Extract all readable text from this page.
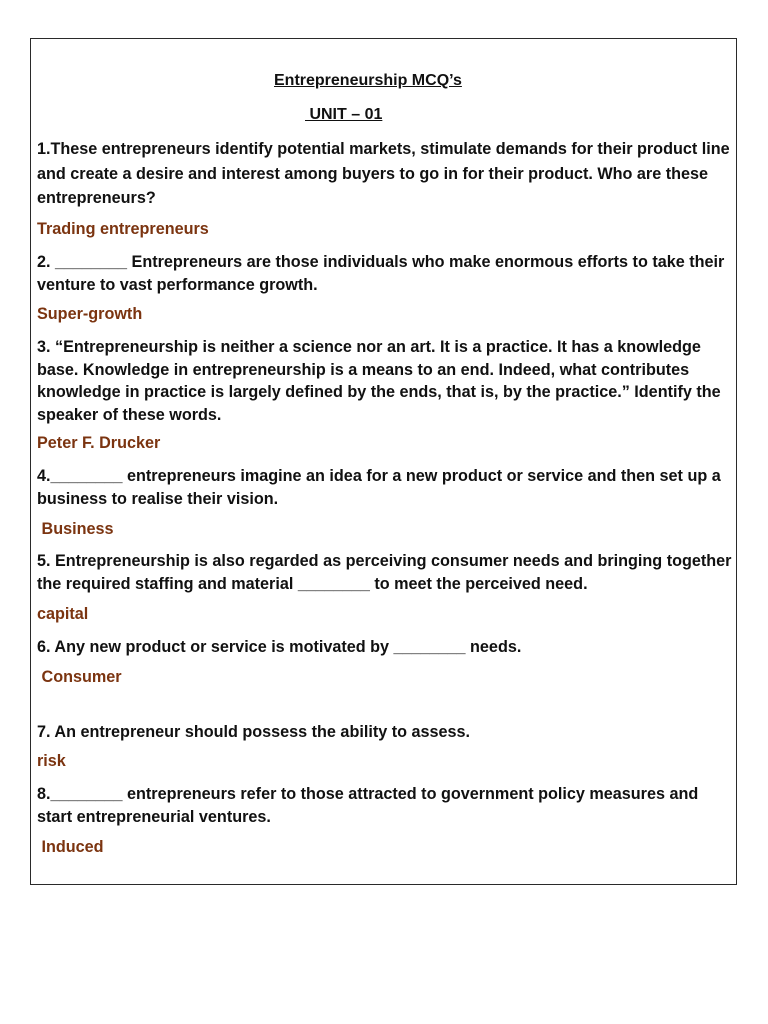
Entrepreneurship MCQ’s
UNIT – 01

1.These entrepreneurs identify potential markets, stimulate demands for their product line and create a desire and interest among buyers to go in for their product. Who are these entrepreneurs?

Trading entrepreneurs

2. ________ Entrepreneurs are those individuals who make enormous efforts to take their venture to vast performance growth.

Super-growth

3. “Entrepreneurship is neither a science nor an art. It is a practice. It has a knowledge base. Knowledge in entrepreneurship is a means to an end. Indeed, what contributes knowledge in practice is largely defined by the ends, that is, by the practice.” Identify the speaker of these words.

Peter F. Drucker

4.________ entrepreneurs imagine an idea for a new product or service and then set up a business to realise their vision.

Business

5. Entrepreneurship is also regarded as perceiving consumer needs and bringing together the required staffing and material ________ to meet the perceived need.

capital

6. Any new product or service is motivated by ________ needs.

Consumer

7. An entrepreneur should possess the ability to assess.

risk

8.________ entrepreneurs refer to those attracted to government policy measures and start entrepreneurial ventures.

Induced
